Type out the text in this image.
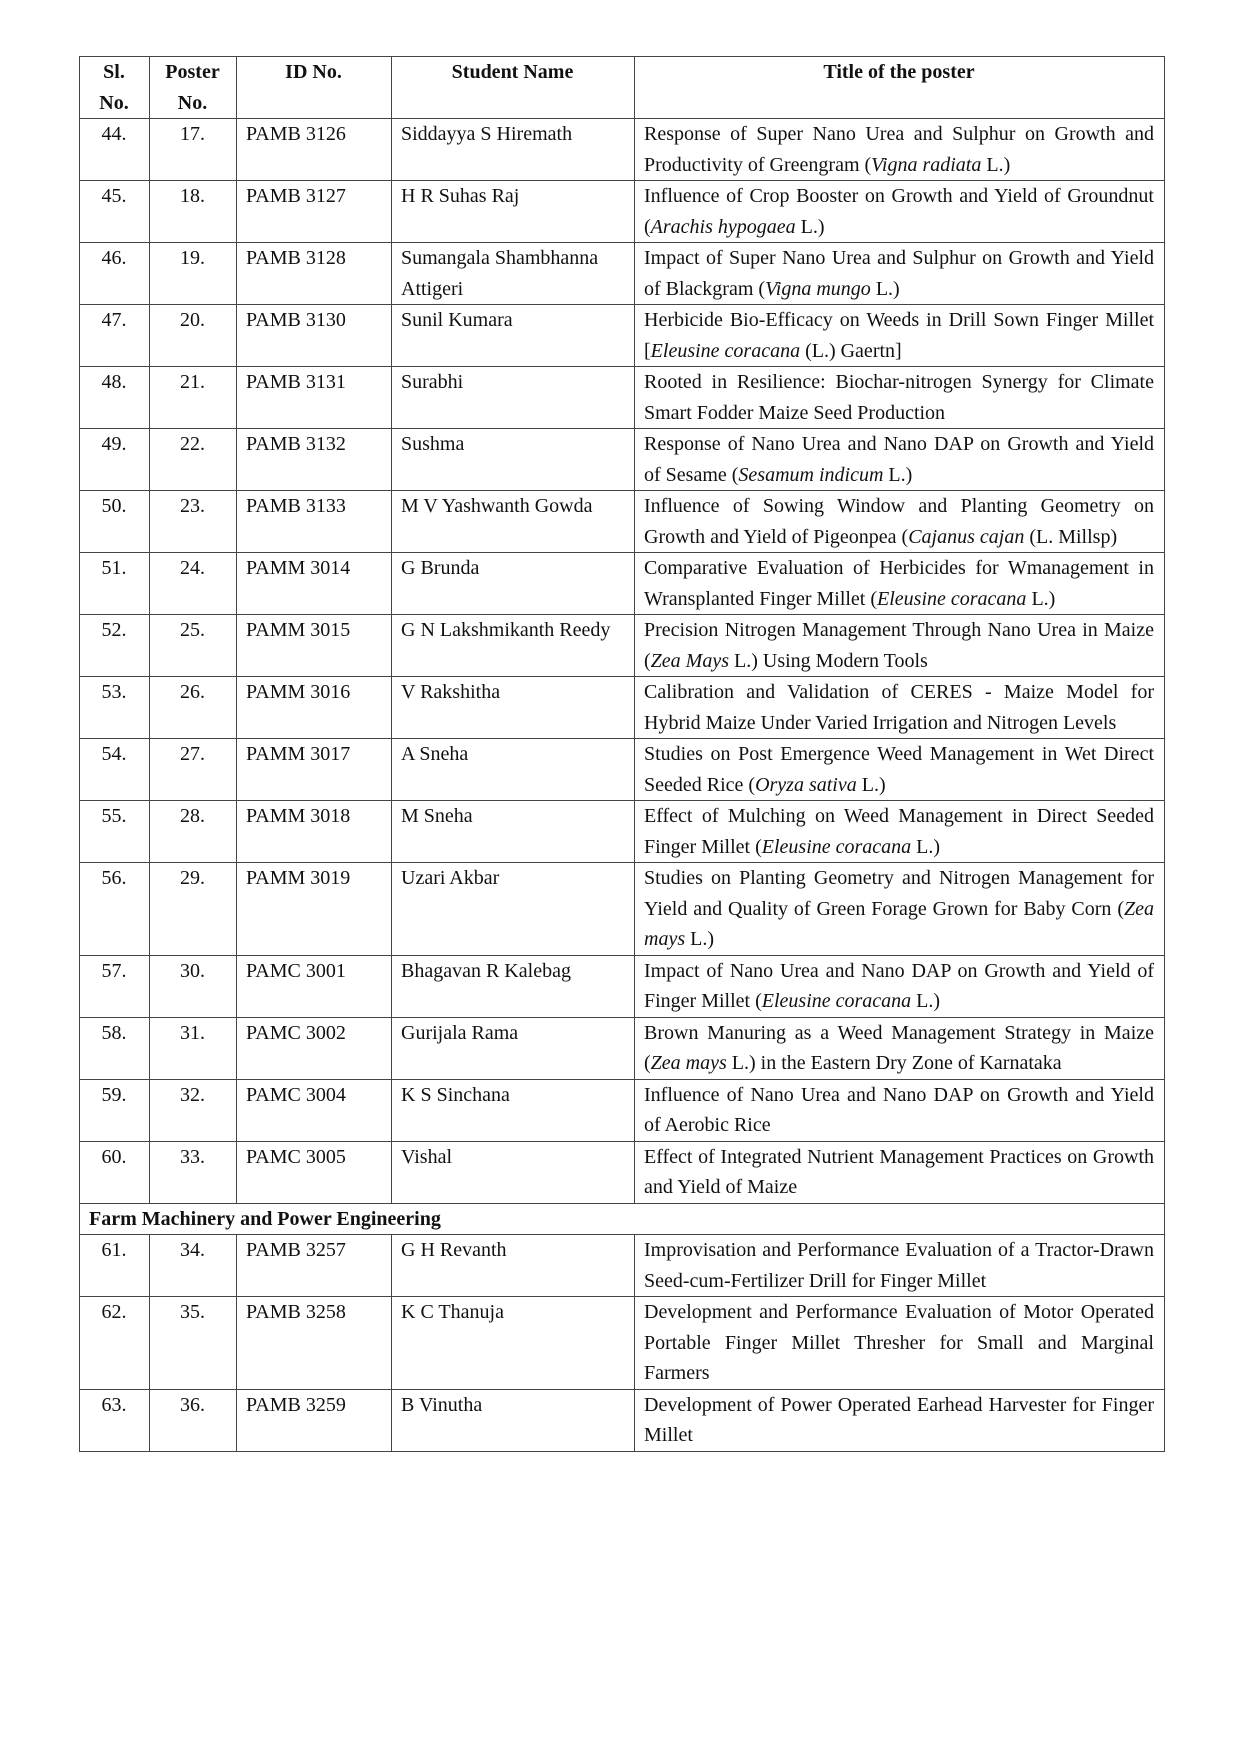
Sl. No.	Poster No.	ID No.	Student Name	Title of the poster
44.	17.	PAMB 3126	Siddayya S Hiremath	Response of Super Nano Urea and Sulphur on Growth and Productivity of Greengram (Vigna radiata L.)
45.	18.	PAMB 3127	H R Suhas Raj	Influence of Crop Booster on Growth and Yield of Groundnut (Arachis hypogaea L.)
46.	19.	PAMB 3128	Sumangala Shambhanna Attigeri	Impact of Super Nano Urea and Sulphur on Growth and Yield of Blackgram (Vigna mungo L.)
47.	20.	PAMB 3130	Sunil Kumara	Herbicide Bio-Efficacy on Weeds in Drill Sown Finger Millet [Eleusine coracana (L.) Gaertn]
48.	21.	PAMB 3131	Surabhi	Rooted in Resilience: Biochar-nitrogen Synergy for Climate Smart Fodder Maize Seed Production
49.	22.	PAMB 3132	Sushma	Response of Nano Urea and Nano DAP on Growth and Yield of Sesame (Sesamum indicum L.)
50.	23.	PAMB 3133	M V Yashwanth Gowda	Influence of Sowing Window and Planting Geometry on Growth and Yield of Pigeonpea (Cajanus cajan (L. Millsp)
51.	24.	PAMM 3014	G Brunda	Comparative Evaluation of Herbicides for Wmanagement in Wransplanted Finger Millet (Eleusine coracana L.)
52.	25.	PAMM 3015	G N Lakshmikanth Reedy	Precision Nitrogen Management Through Nano Urea in Maize (Zea Mays L.) Using Modern Tools
53.	26.	PAMM 3016	V Rakshitha	Calibration and Validation of CERES - Maize Model for Hybrid Maize Under Varied Irrigation and Nitrogen Levels
54.	27.	PAMM 3017	A Sneha	Studies on Post Emergence Weed Management in Wet Direct Seeded Rice (Oryza sativa L.)
55.	28.	PAMM 3018	M Sneha	Effect of Mulching on Weed Management in Direct Seeded Finger Millet (Eleusine coracana L.)
56.	29.	PAMM 3019	Uzari Akbar	Studies on Planting Geometry and Nitrogen Management for Yield and Quality of Green Forage Grown for Baby Corn (Zea mays L.)
57.	30.	PAMC 3001	Bhagavan R Kalebag	Impact of Nano Urea and Nano DAP on Growth and Yield of Finger Millet (Eleusine coracana L.)
58.	31.	PAMC 3002	Gurijala Rama	Brown Manuring as a Weed Management Strategy in Maize (Zea mays L.) in the Eastern Dry Zone of Karnataka
59.	32.	PAMC 3004	K S Sinchana	Influence of Nano Urea and Nano DAP on Growth and Yield of Aerobic Rice
60.	33.	PAMC 3005	Vishal	Effect of Integrated Nutrient Management Practices on Growth and Yield of Maize
Farm Machinery and Power Engineering				
61.	34.	PAMB 3257	G H Revanth	Improvisation and Performance Evaluation of a Tractor-Drawn Seed-cum-Fertilizer Drill for Finger Millet
62.	35.	PAMB 3258	K C Thanuja	Development and Performance Evaluation of Motor Operated Portable Finger Millet Thresher for Small and Marginal Farmers
63.	36.	PAMB 3259	B Vinutha	Development of Power Operated Earhead Harvester for Finger Millet
